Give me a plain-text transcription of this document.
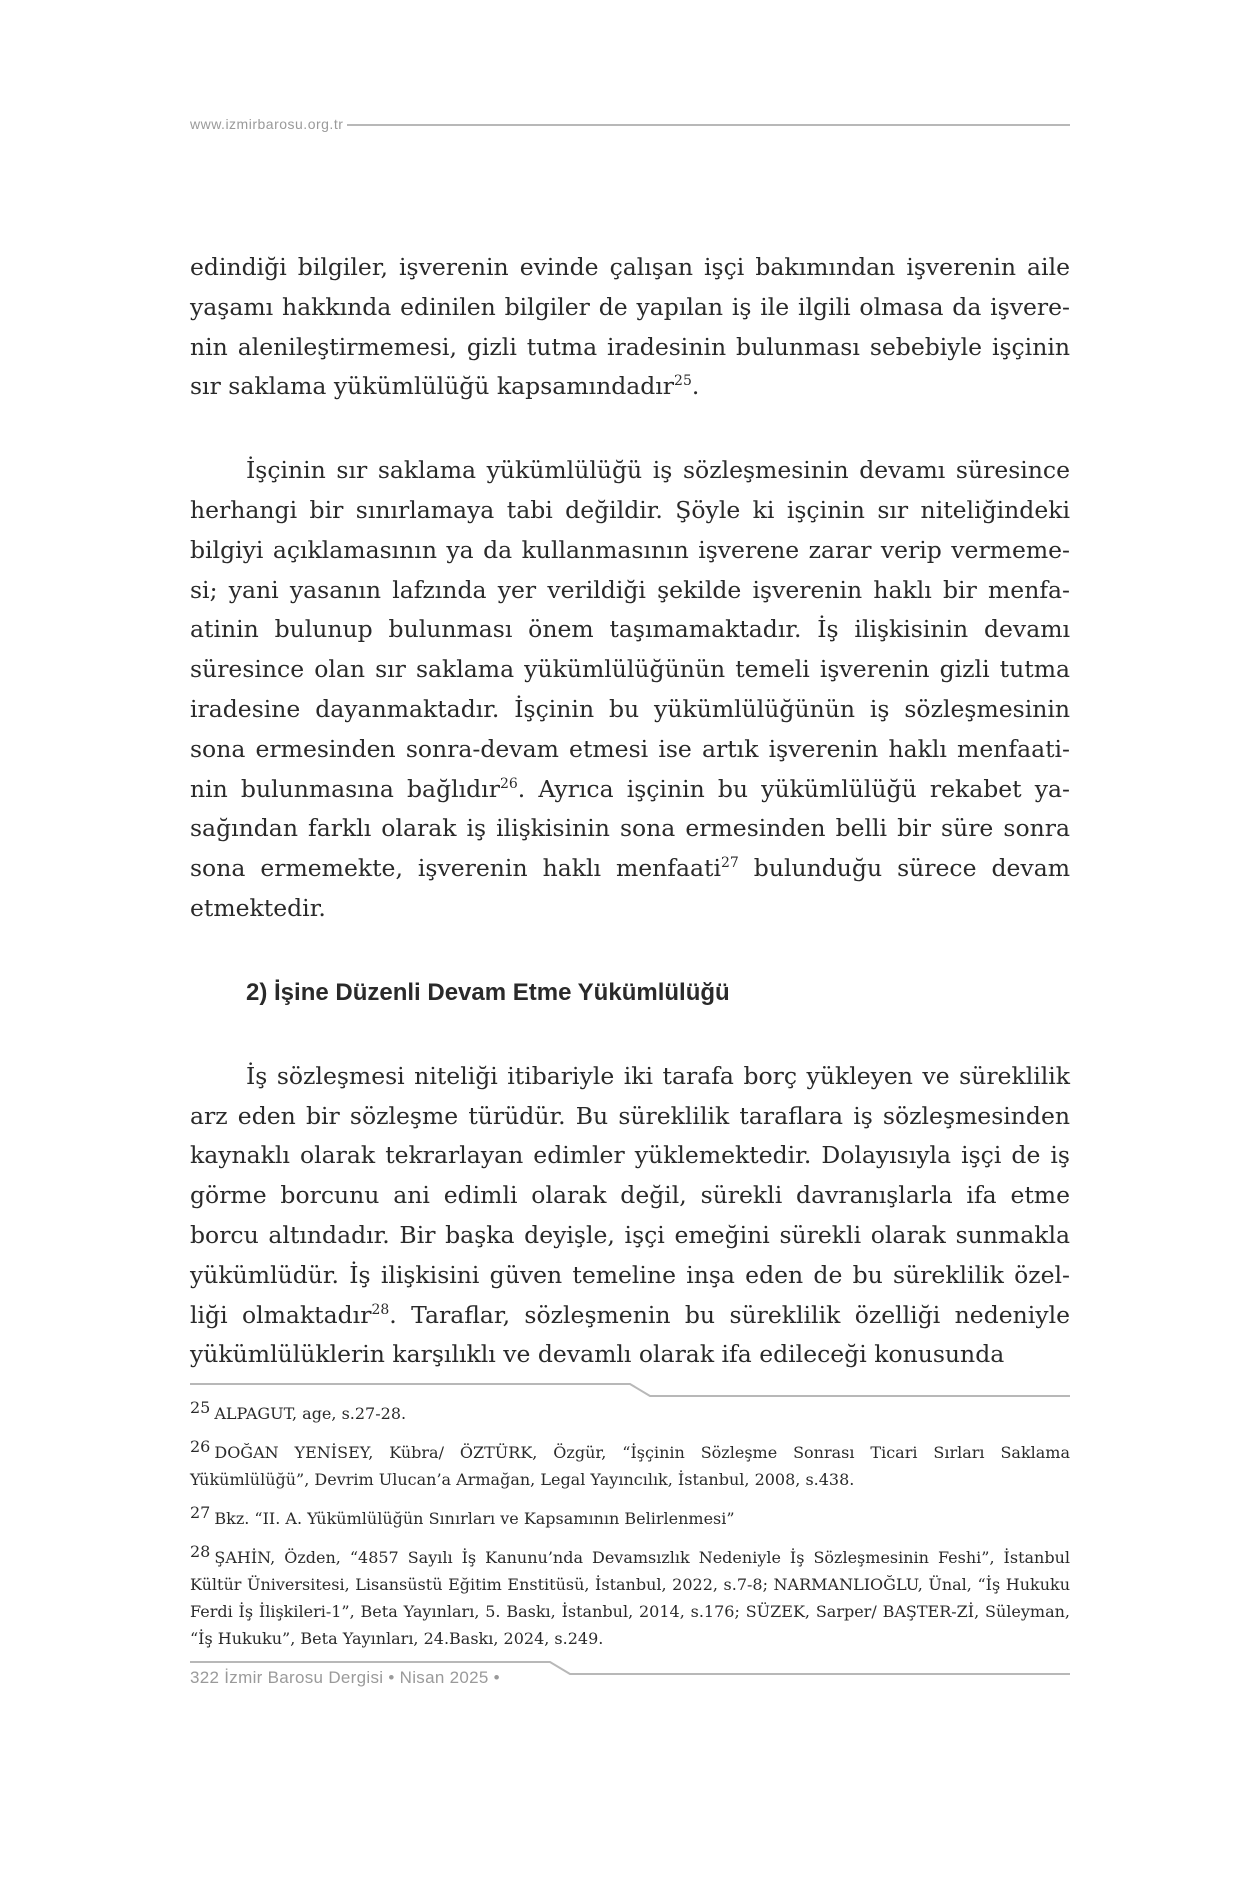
www.izmirbarosu.org.tr

edindiği bilgiler, işverenin evinde çalışan işçi bakımından işverenin aile yaşamı hakkında edinilen bilgiler de yapılan iş ile ilgili olmasa da işvere-nin alenileştirmemesi, gizli tutma iradesinin bulunması sebebiyle işçinin sır saklama yükümlülüğü kapsamındadır$^{25}$.

İşçinin sır saklama yükümlülüğü iş sözleşmesinin devamı süresince herhangi bir sınırlamaya tabi değildir. Şöyle ki işçinin sır niteliğindeki bilgiyi açıklamasının ya da kullanmasının işverene zarar verip vermeme-si; yani yasanın lafzında yer verildiği şekilde işverenin haklı bir menfa-atinin bulunup bulunması önem taşımamaktadır. İş ilişkisinin devamı süresince olan sır saklama yükümlülüğünün temeli işverenin gizli tutma iradesine dayanmaktadır. İşçinin bu yükümlülüğünün iş sözleşmesinin sona ermesinden sonra-devam etmesi ise artık işverenin haklı menfaati-nin bulunmasına bağlıdır$^{26}$. Ayrıca işçinin bu yükümlülüğü rekabet ya-sağından farklı olarak iş ilişkisinin sona ermesinden belli bir süre sonra sona ermemekte, işverenin haklı menfaati$^{27}$ bulunduğu sürece devam etmektedir.

2) İşine Düzenli Devam Etme Yükümlülüğü

İş sözleşmesi niteliği itibariyle iki tarafa borç yükleyen ve süreklilik arz eden bir sözleşme türüdür. Bu süreklilik taraflara iş sözleşmesinden kaynaklı olarak tekrarlayan edimler yüklemektedir. Dolayısıyla işçi de iş görme borcunu ani edimli olarak değil, sürekli davranışlarla ifa etme borcu altındadır. Bir başka deyişle, işçi emeğini sürekli olarak sunmakla yükümlüdür. İş ilişkisini güven temeline inşa eden de bu süreklilik özel-liği olmaktadır$^{28}$. Taraflar, sözleşmenin bu süreklilik özelliği nedeniyle yükümlülüklerin karşılıklı ve devamlı olarak ifa edileceği konusunda

25 ALPAGUT, age, s.27-28.

26 DOĞAN YENİSEY, Kübra/ ÖZTÜRK, Özgür, “İşçinin Sözleşme Sonrası Ticari Sırları Saklama Yükümlülüğü”, Devrim Ulucan’a Armağan, Legal Yayıncılık, İstanbul, 2008, s.438.

27 Bkz. “II. A. Yükümlülüğün Sınırları ve Kapsamının Belirlenmesi”

28 ŞAHİN, Özden, “4857 Sayılı İş Kanunu’nda Devamsızlık Nedeniyle İş Sözleşmesinin Feshi”, İstanbul Kültür Üniversitesi, Lisansüstü Eğitim Enstitüsü, İstanbul, 2022, s.7-8; NARMANLIOĞLU, Ünal, “İş Hukuku Ferdi İş İlişkileri-1”, Beta Yayınları, 5. Baskı, İstanbul, 2014, s.176; SÜZEK, Sarper/ BAŞTER-Zİ, Süleyman, “İş Hukuku”, Beta Yayınları, 24.Baskı, 2024, s.249.

322 İzmir Barosu Dergisi • Nisan 2025 •
